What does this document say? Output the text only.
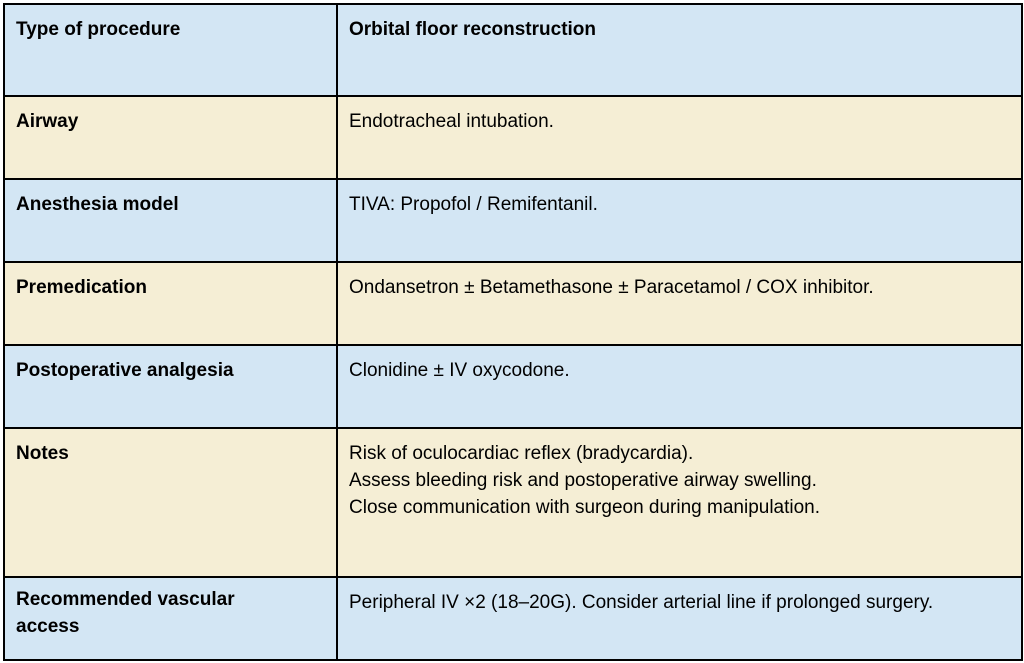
Type of procedure	Orbital floor reconstruction
Airway	Endotracheal intubation.

Anesthesia model	TIVA: Propofol / Remifentanil.

Premedication	Ondansetron ± Betamethasone ± Paracetamol / COX inhibitor.

Postoperative analgesia	Clonidine ± IV oxycodone.

Notes	Risk of oculocardiac reflex (bradycardia).
Assess bleeding risk and postoperative airway swelling.
Close communication with surgeon during manipulation.

Recommended vascular
access	Peripheral IV ×2 (18–20G). Consider arterial line if prolonged surgery.
